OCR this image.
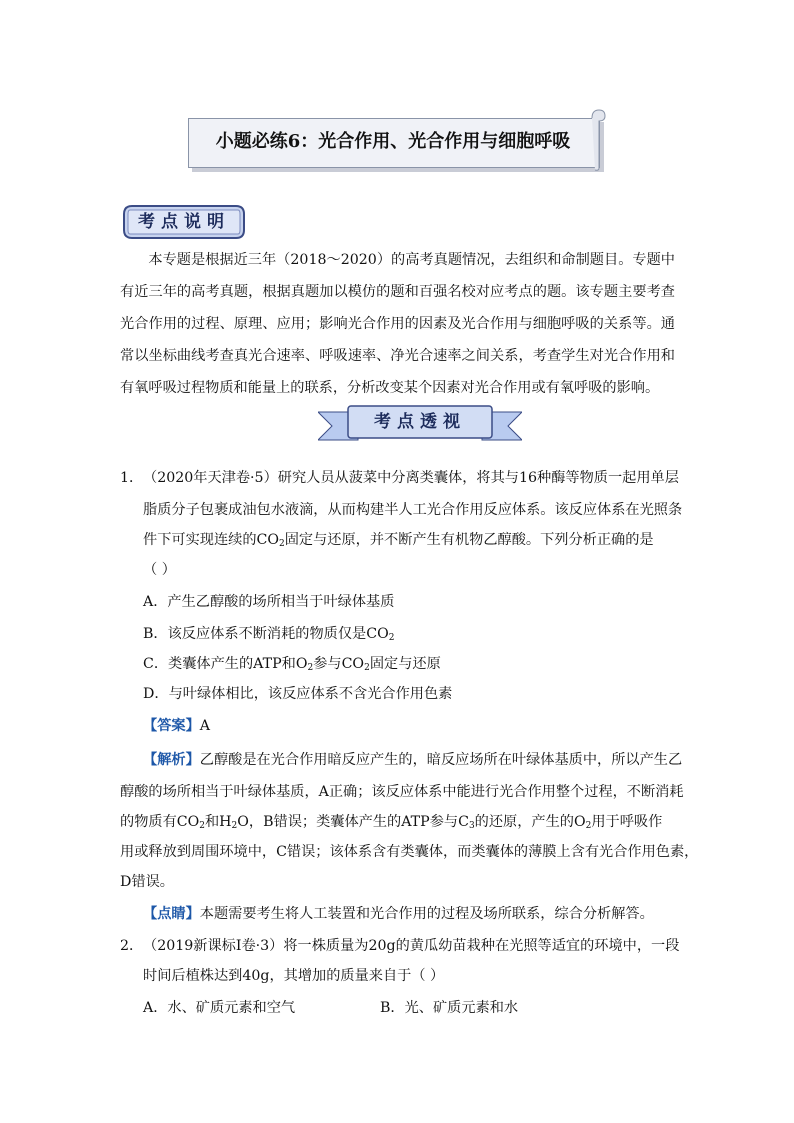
小题必练6：光合作用、光合作用与细胞呼吸
考点说明
本专题是根据近三年（2018～2020）的高考真题情况，去组织和命制题目。专题中有近三年的高考真题，根据真题加以模仿的题和百强名校对应考点的题。该专题主要考查光合作用的过程、原理、应用；影响光合作用的因素及光合作用与细胞呼吸的关系等。通常以坐标曲线考查真光合速率、呼吸速率、净光合速率之间关系，考查学生对光合作用和有氧呼吸过程物质和能量上的联系，分析改变某个因素对光合作用或有氧呼吸的影响。
考点透视
1． （2020年天津卷·5）研究人员从菠菜中分离类囊体，将其与16种酶等物质一起用单层
脂质分子包裹成油包水液滴，从而构建半人工光合作用反应体系。该反应体系在光照条
件下可实现连续的$CO_2$固定与还原，并不断产生有机物乙醇酸。下列分析正确的是
（ ）
A．产生乙醇酸的场所相当于叶绿体基质
B．该反应体系不断消耗的物质仅是$CO_2$
C．类囊体产生的ATP和$O_2$参与$CO_2$固定与还原
D．与叶绿体相比，该反应体系不含光合作用色素
【答案】A
【解析】乙醇酸是在光合作用暗反应产生的，暗反应场所在叶绿体基质中，所以产生乙
醇酸的场所相当于叶绿体基质，A正确；该反应体系中能进行光合作用整个过程，不断消耗
的物质有$CO_2$和$H_2O$，B错误；类囊体产生的ATP参与$C_3$的还原，产生的$O_2$用于呼吸作
用或释放到周围环境中，C错误；该体系含有类囊体，而类囊体的薄膜上含有光合作用色素，
D错误。
【点睛】本题需要考生将人工装置和光合作用的过程及场所联系，综合分析解答。
2． （2019新课标I卷·3）将一株质量为20g的黄瓜幼苗栽种在光照等适宜的环境中，一段
时间后植株达到40g，其增加的质量来自于（ ）
A．水、矿质元素和空气	B．光、矿质元素和水
